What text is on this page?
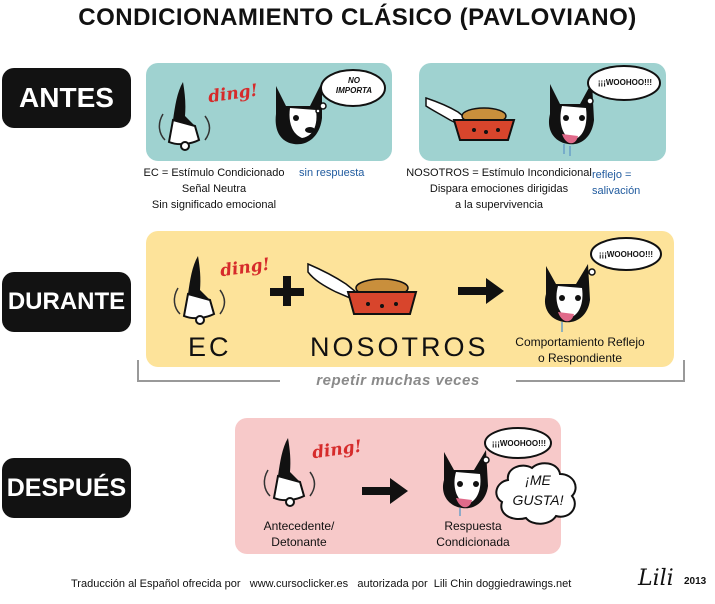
CONDICIONAMIENTO CLÁSICO (PAVLOVIANO)
ANTES
DURANTE
DESPUÉS
ding!
NO
IMPORTA
¡¡¡WOOHOO!!!
EC = Estímulo Condicionado
Señal Neutra
Sin significado emocional
sin respuesta	NOSOTROS = Estímulo Incondicional
Dispara emociones dirigidas
a la supervivencia
reflejo =
salivación
ding!
¡¡¡WOOHOO!!!
EC	NOSOTROS	Comportamiento Reflejo
o Respondiente
repetir muchas veces
ding!	¡¡¡WOOHOO!!!
¡ME
GUSTA!
Antecedente/
Detonante
Respuesta
Condicionada
Traducción al Español ofrecida por   www.cursoclicker.es   autorizada por  Lili Chin doggiedrawings.net	Lili 2013
